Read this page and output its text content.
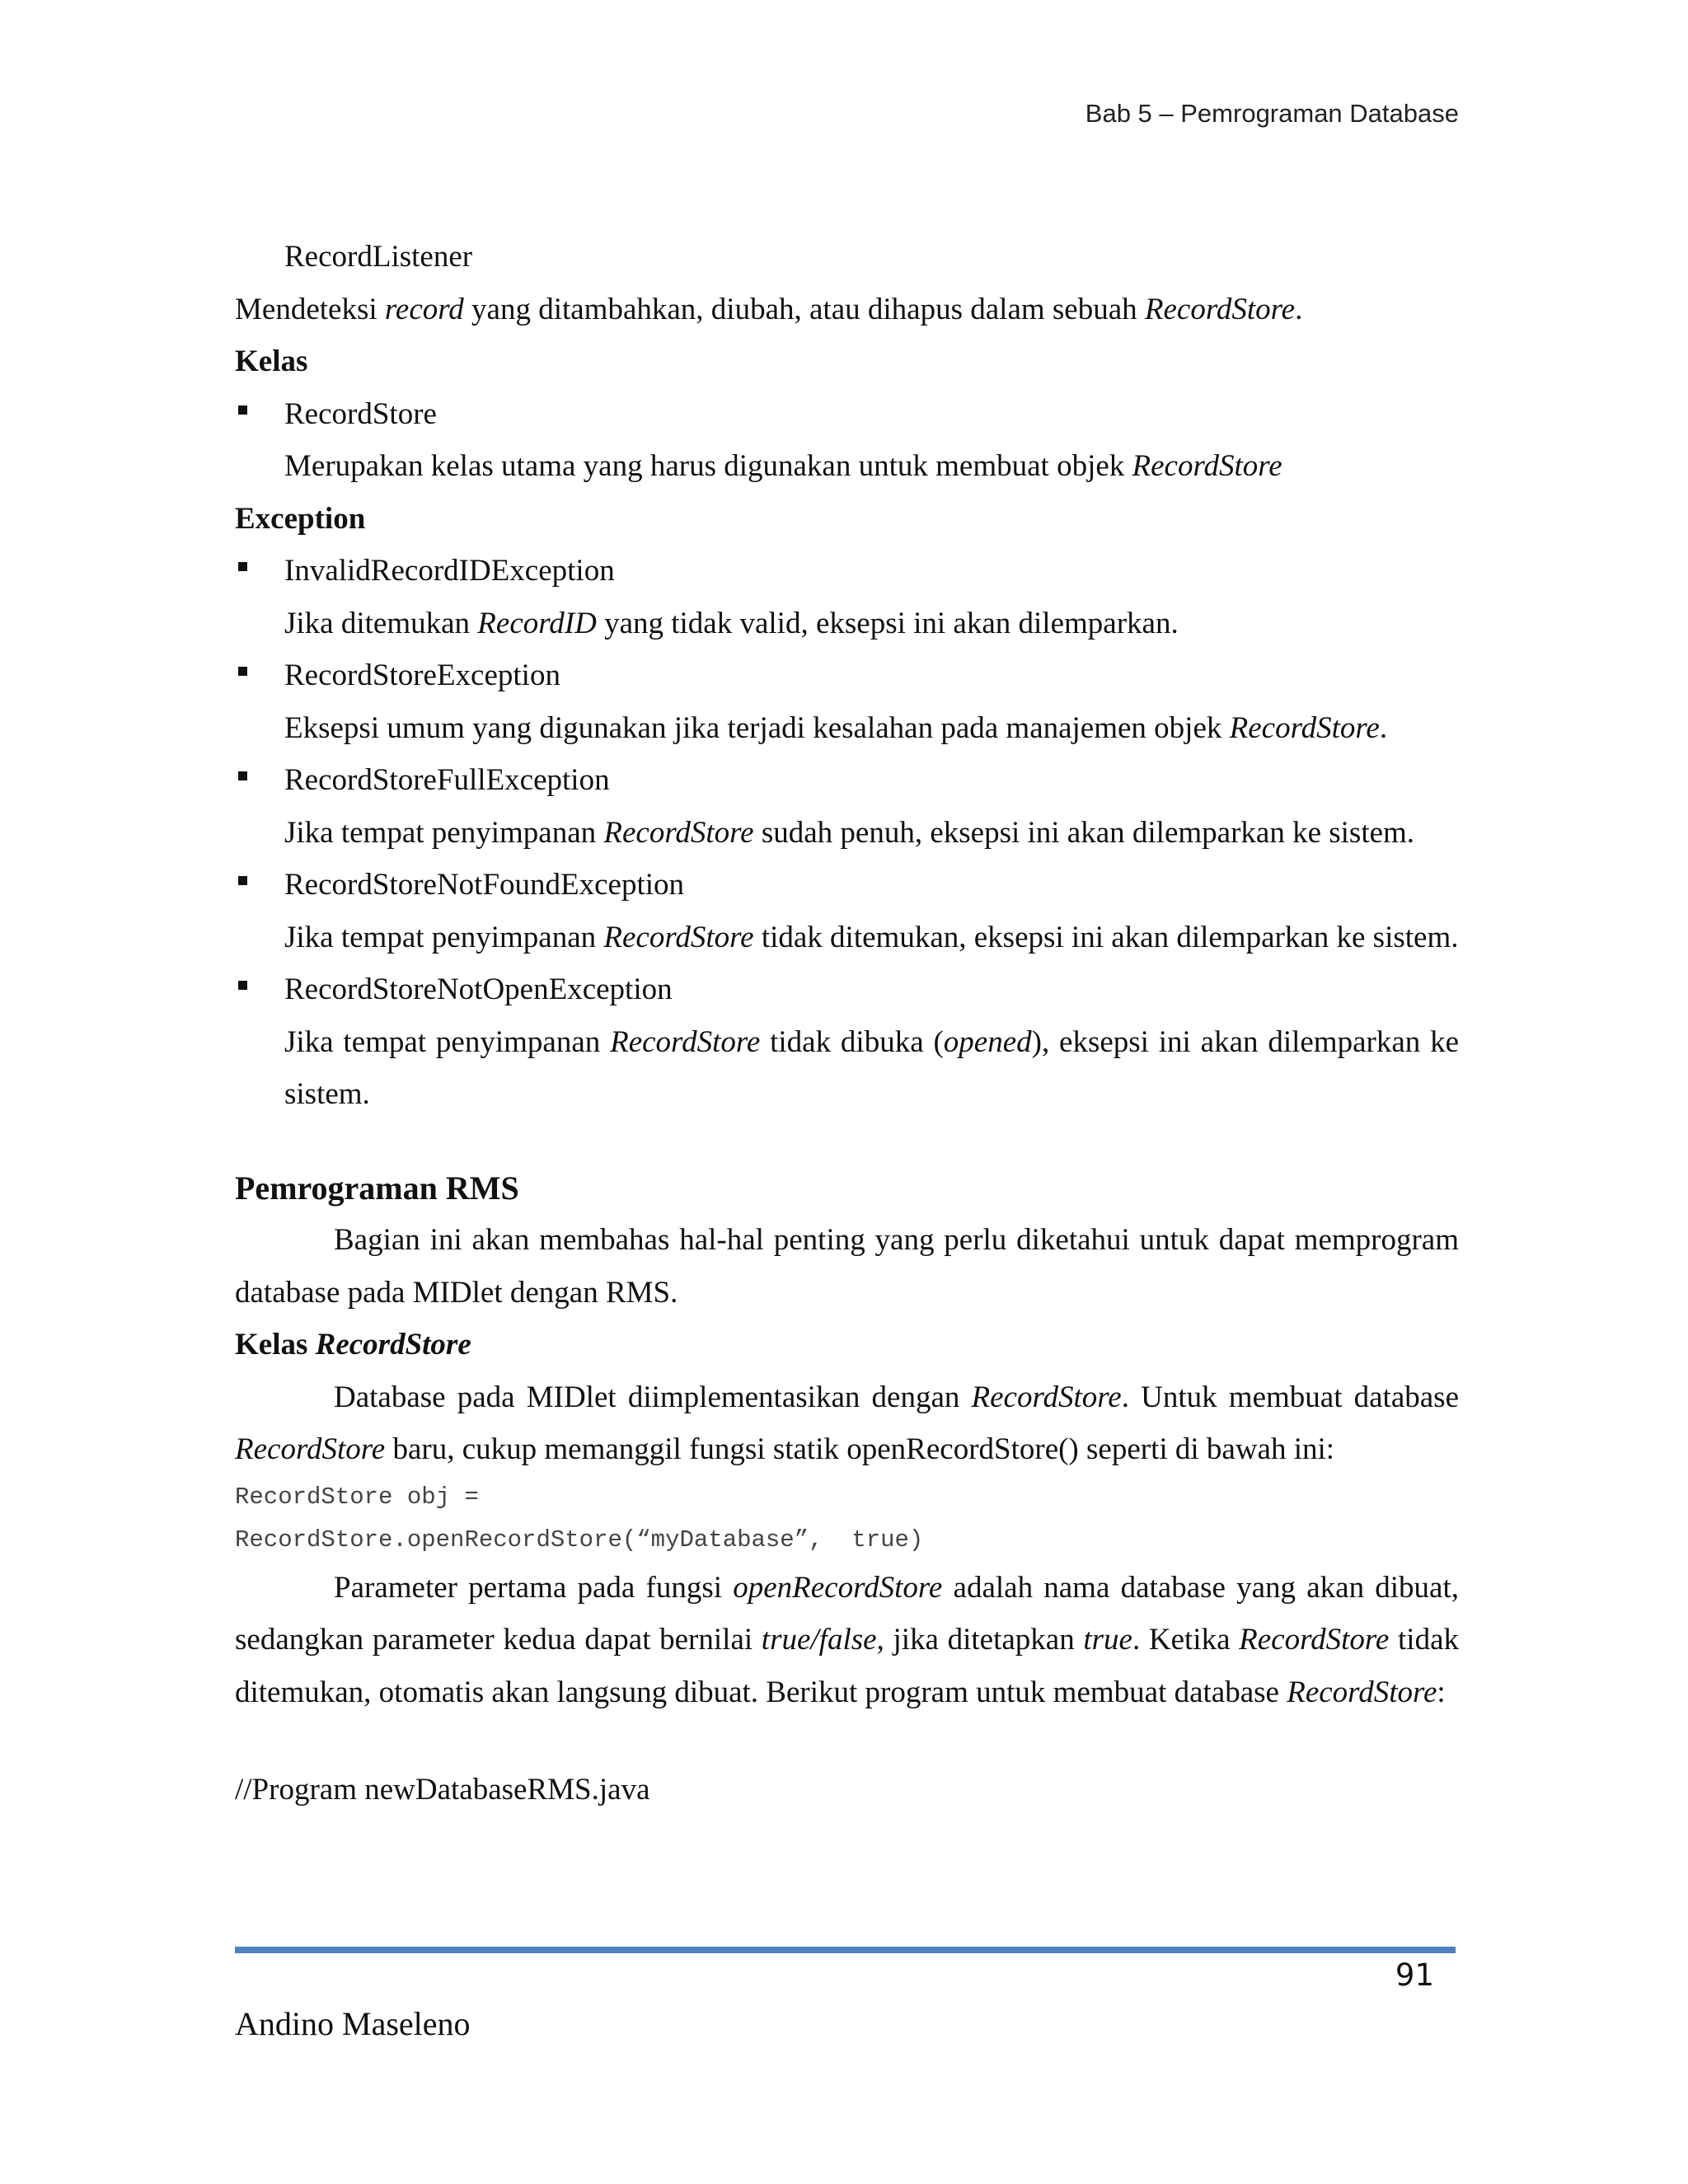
Bab 5 – Pemrograman Database

RecordListener

Mendeteksi record yang ditambahkan, diubah, atau dihapus dalam sebuah RecordStore.

Kelas

RecordStore

Merupakan kelas utama yang harus digunakan untuk membuat objek RecordStore

Exception

InvalidRecordIDException

Jika ditemukan RecordID yang tidak valid, eksepsi ini akan dilemparkan.

RecordStoreException

Eksepsi umum yang digunakan jika terjadi kesalahan pada manajemen objek RecordStore.

RecordStoreFullException

Jika tempat penyimpanan RecordStore sudah penuh, eksepsi ini akan dilemparkan ke sistem.

RecordStoreNotFoundException

Jika tempat penyimpanan RecordStore tidak ditemukan, eksepsi ini akan dilemparkan ke sistem.

RecordStoreNotOpenException

Jika tempat penyimpanan RecordStore tidak dibuka (opened), eksepsi ini akan dilemparkan ke sistem.

Pemrograman RMS

Bagian ini akan membahas hal-hal penting yang perlu diketahui untuk dapat memprogram database pada MIDlet dengan RMS.

Kelas RecordStore

Database pada MIDlet diimplementasikan dengan RecordStore. Untuk membuat database RecordStore baru, cukup memanggil fungsi statik openRecordStore() seperti di bawah ini:

RecordStore obj =
RecordStore.openRecordStore(“myDatabase”,  true)

Parameter pertama pada fungsi openRecordStore adalah nama database yang akan dibuat, sedangkan parameter kedua dapat bernilai true/false, jika ditetapkan true. Ketika RecordStore tidak ditemukan, otomatis akan langsung dibuat. Berikut program untuk membuat database RecordStore:

//Program newDatabaseRMS.java

91
Andino Maseleno
